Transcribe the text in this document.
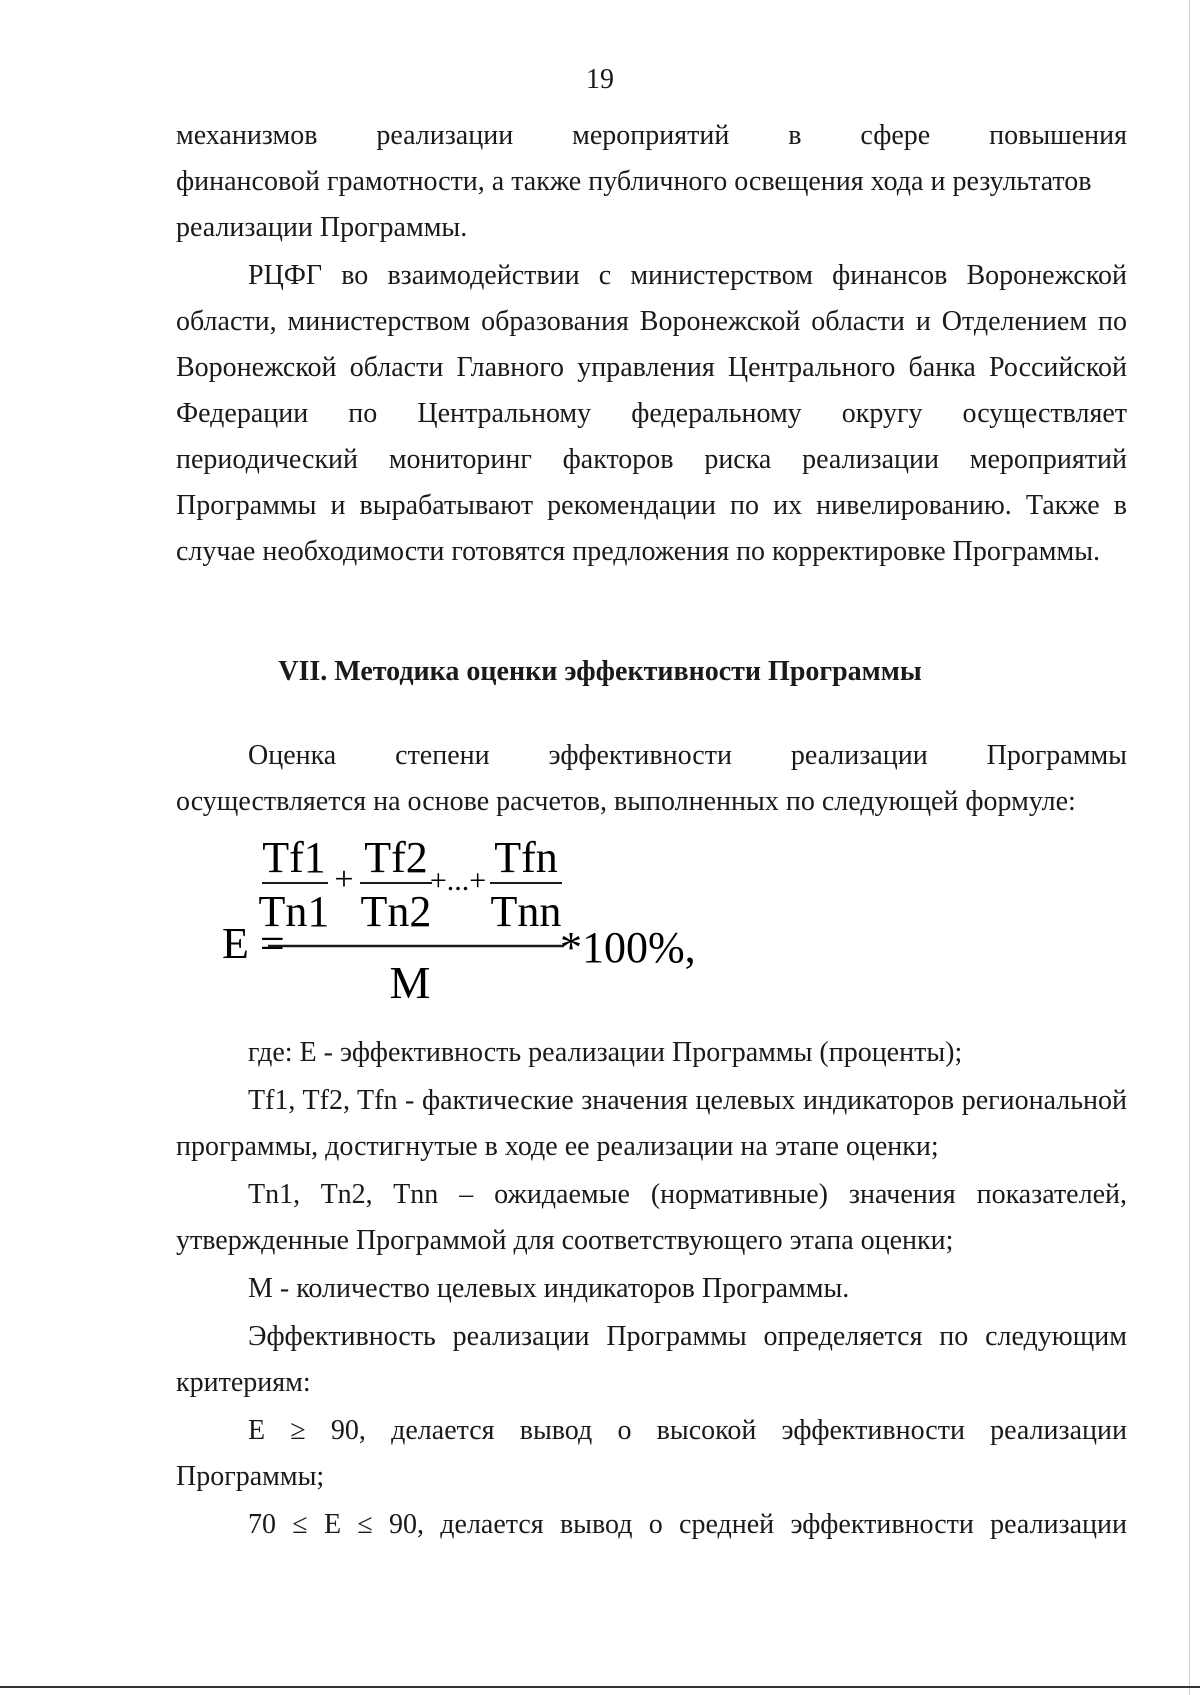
19

механизмов реализации мероприятий в сфере повышения

финансовой грамотности, а также публичного освещения хода и результатов реализации Программы.

РЦФГ во взаимодействии с министерством финансов Воронежской области, министерством образования Воронежской области и Отделением по Воронежской области Главного управления Центрального банка Российской Федерации по Центральному федеральному округу осуществляет периодический мониторинг факторов риска реализации мероприятий Программы и вырабатывают рекомендации по их нивелированию. Также в случае необходимости готовятся предложения по корректировке Программы.

VII. Методика оценки эффективности Программы

Оценка степени эффективности реализации Программы

осуществляется на основе расчетов, выполненных по следующей формуле:

Tf1
Tn1
+ Tf2
Tn2
+...+ Tfn
Tnn
E =
M
*100%,

где: Е - эффективность реализации Программы (проценты);

Tf1, Tf2, Tfn - фактические значения целевых индикаторов региональной программы, достигнутые в ходе ее реализации на этапе оценки;

Tn1, Tn2, Tnn – ожидаемые (нормативные) значения показателей, утвержденные Программой для соответствующего этапа оценки;

М - количество целевых индикаторов Программы.

Эффективность реализации Программы определяется по следующим критериям:

Е ≥ 90, делается вывод о высокой эффективности реализации Программы;

70 ≤ Е ≤ 90, делается вывод о средней эффективности реализации
